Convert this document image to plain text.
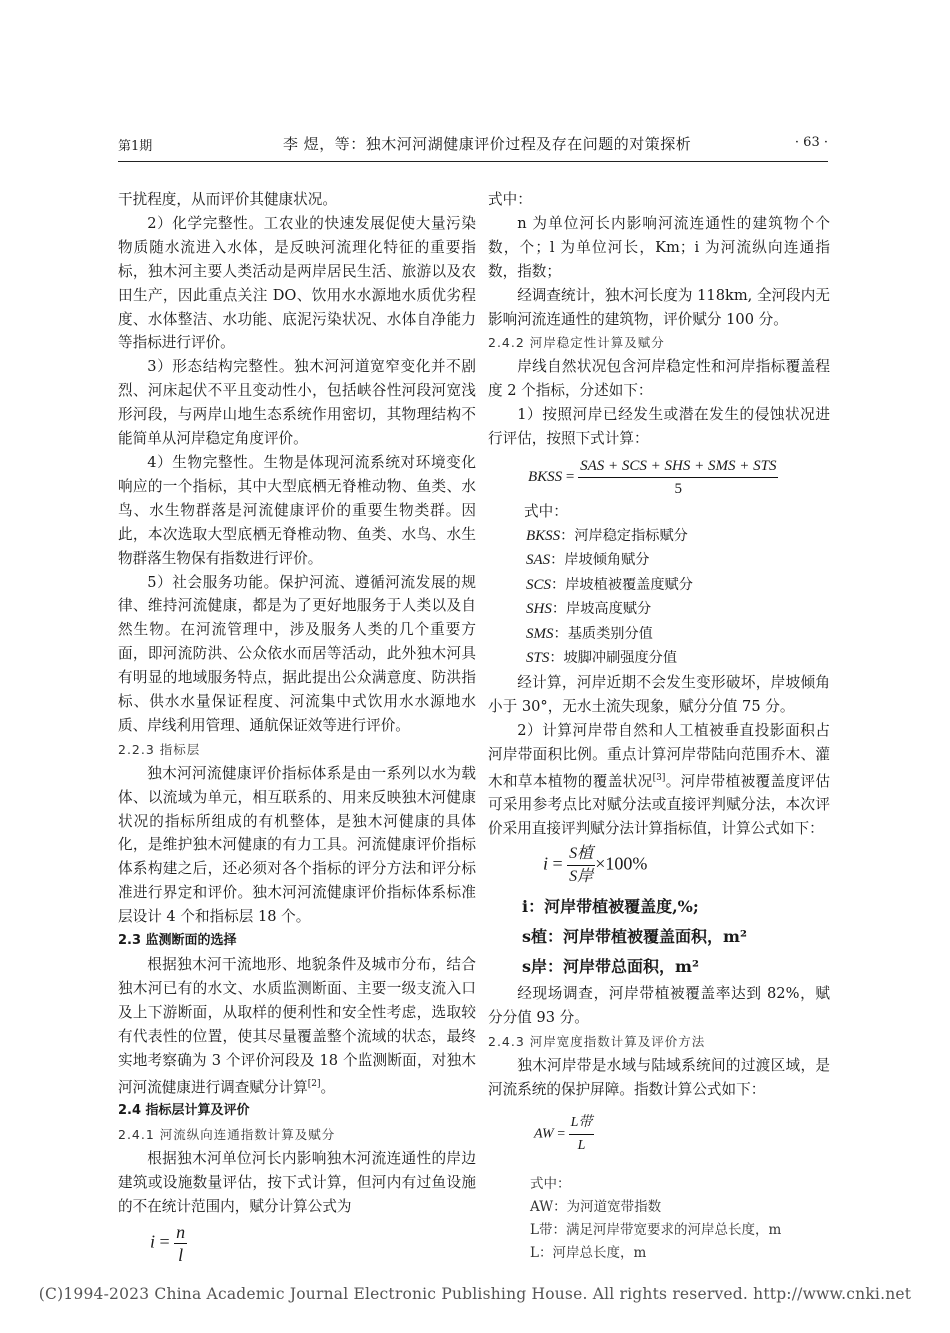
第1期	李 煜，等：独木河河湖健康评价过程及存在问题的对策探析	· 63 ·

干扰程度，从而评价其健康状况。

2）化学完整性。工农业的快速发展促使大量污染物质随水流进入水体，是反映河流理化特征的重要指标，独木河主要人类活动是两岸居民生活、旅游以及农田生产，因此重点关注 DO、饮用水水源地水质优劣程度、水体整洁、水功能、底泥污染状况、水体自净能力等指标进行评价。

3）形态结构完整性。独木河河道宽窄变化并不剧烈、河床起伏不平且变动性小，包括峡谷性河段河宽浅形河段，与两岸山地生态系统作用密切，其物理结构不能简单从河岸稳定角度评价。

4）生物完整性。生物是体现河流系统对环境变化响应的一个指标，其中大型底栖无脊椎动物、鱼类、水鸟、水生物群落是河流健康评价的重要生物类群。因此，本次选取大型底栖无脊椎动物、鱼类、水鸟、水生物群落生物保有指数进行评价。

5）社会服务功能。保护河流、遵循河流发展的规律、维持河流健康，都是为了更好地服务于人类以及自然生物。在河流管理中，涉及服务人类的几个重要方面，即河流防洪、公众依水而居等活动，此外独木河具有明显的地域服务特点，据此提出公众满意度、防洪指标、供水水量保证程度、河流集中式饮用水水源地水质、岸线利用管理、通航保证效等进行评价。

2.2.3 指标层

独木河河流健康评价指标体系是由一系列以水为载体、以流域为单元，相互联系的、用来反映独木河健康状况的指标所组成的有机整体，是独木河健康的具体化，是维护独木河健康的有力工具。河流健康评价指标体系构建之后，还必须对各个指标的评分方法和评分标准进行界定和评价。独木河河流健康评价指标体系标准层设计 4 个和指标层 18 个。

2.3 监测断面的选择

根据独木河干流地形、地貌条件及城市分布，结合独木河已有的水文、水质监测断面、主要一级支流入口及上下游断面，从取样的便利性和安全性考虑，选取较有代表性的位置，使其尽量覆盖整个流域的状态，最终实地考察确为 3 个评价河段及 18 个监测断面，对独木河河流健康进行调查赋分计算[2]。

2.4 指标层计算及评价

2.4.1 河流纵向连通指数计算及赋分

根据独木河单位河长内影响独木河流连通性的岸边建筑或设施数量评估，按下式计算，但河内有过鱼设施的不在统计范围内，赋分计算公式为

$i = \frac{n}{l}$

式中：

n 为单位河长内影响河流连通性的建筑物个个数，个；l 为单位河长，Km；i 为河流纵向连通指数，指数；

经调查统计，独木河长度为 118km, 全河段内无影响河流连通性的建筑物，评价赋分 100 分。

2.4.2 河岸稳定性计算及赋分

岸线自然状况包含河岸稳定性和河岸指标覆盖程度 2 个指标，分述如下：

1）按照河岸已经发生或潜在发生的侵蚀状况进行评估，按照下式计算：

BKSS = $\frac{\text{SAS + SCS + SHS + SMS + STS}}{5}$

式中：

BKSS：河岸稳定指标赋分
SAS：岸坡倾角赋分
SCS：岸坡植被覆盖度赋分
SHS：岸坡高度赋分
SMS：基质类别分值
STS：坡脚冲刷强度分值

经计算，河岸近期不会发生变形破坏，岸坡倾角小于 30°，无水土流失现象，赋分分值 75 分。

2）计算河岸带自然和人工植被垂直投影面积占河岸带面积比例。重点计算河岸带陆向范围乔木、灌木和草本植物的覆盖状况[3]。河岸带植被覆盖度评估可采用参考点比对赋分法或直接评判赋分法，本次评价采用直接评判赋分法计算指标值，计算公式如下：

$i = \frac{\text{S植}}{\text{S岸}} \times 100\%$
i：河岸带植被覆盖度,%;
s植：河岸带植被覆盖面积，m²
s岸：河岸带总面积，m²

经现场调查，河岸带植被覆盖率达到 82%，赋分分值 93 分。

2.4.3 河岸宽度指数计算及评价方法

独木河岸带是水域与陆域系统间的过渡区域，是河流系统的保护屏障。指数计算公式如下：

AW = $\frac{\text{L带}}{L}$
式中：
AW：为河道宽带指数
L带：满足河岸带宽要求的河岸总长度，m
L：河岸总长度，m
(C)1994-2023 China Academic Journal Electronic Publishing House. All rights reserved. http://www.cnki.net
